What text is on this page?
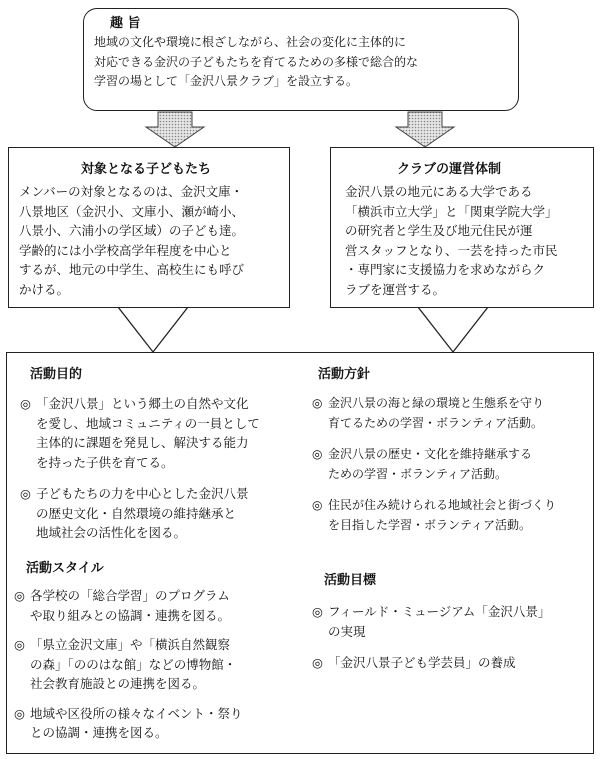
趣 旨
地域の文化や環境に根ざしながら、社会の変化に主体的に
対応できる金沢の子どもたちを育てるための多様で総合的な
学習の場として「金沢八景クラブ」を設立する。
対象となる子どもたち
メンバーの対象となるのは、金沢文庫・
八景地区（金沢小、文庫小、瀬が崎小、
八景小、六浦小の学区域）の子ども達。
学齢的には小学校高学年程度を中心と
するが、地元の中学生、高校生にも呼び
かける。
クラブの運営体制
金沢八景の地元にある大学である
「横浜市立大学」と「関東学院大学」
の研究者と学生及び地元住民が運
営スタッフとなり、一芸を持った市民
・専門家に支援協力を求めながらク
ラブを運営する。
活動目的
◎ 「金沢八景」という郷土の自然や文化
を愛し、地域コミュニティの一員として
主体的に課題を発見し、解決する能力
を持った子供を育てる。
◎ 子どもたちの力を中心とした金沢八景
の歴史文化・自然環境の維持継承と
地域社会の活性化を図る。
活動方針
◎ 金沢八景の海と緑の環境と生態系を守り
育てるための学習・ボランティア活動。
◎ 金沢八景の歴史・文化を維持継承する
ための学習・ボランティア活動。
◎ 住民が住み続けられる地域社会と街づくり
を目指した学習・ボランティア活動。
活動スタイル
◎ 各学校の「総合学習」のプログラム
や取り組みとの協調・連携を図る。
◎ 「県立金沢文庫」や「横浜自然観察
の森」「ののはな館」などの博物館・
社会教育施設との連携を図る。
◎ 地域や区役所の様々なイベント・祭り
との協調・連携を図る。
活動目標
◎ フィールド・ミュージアム「金沢八景」
の実現
◎ 「金沢八景子ども学芸員」の養成
